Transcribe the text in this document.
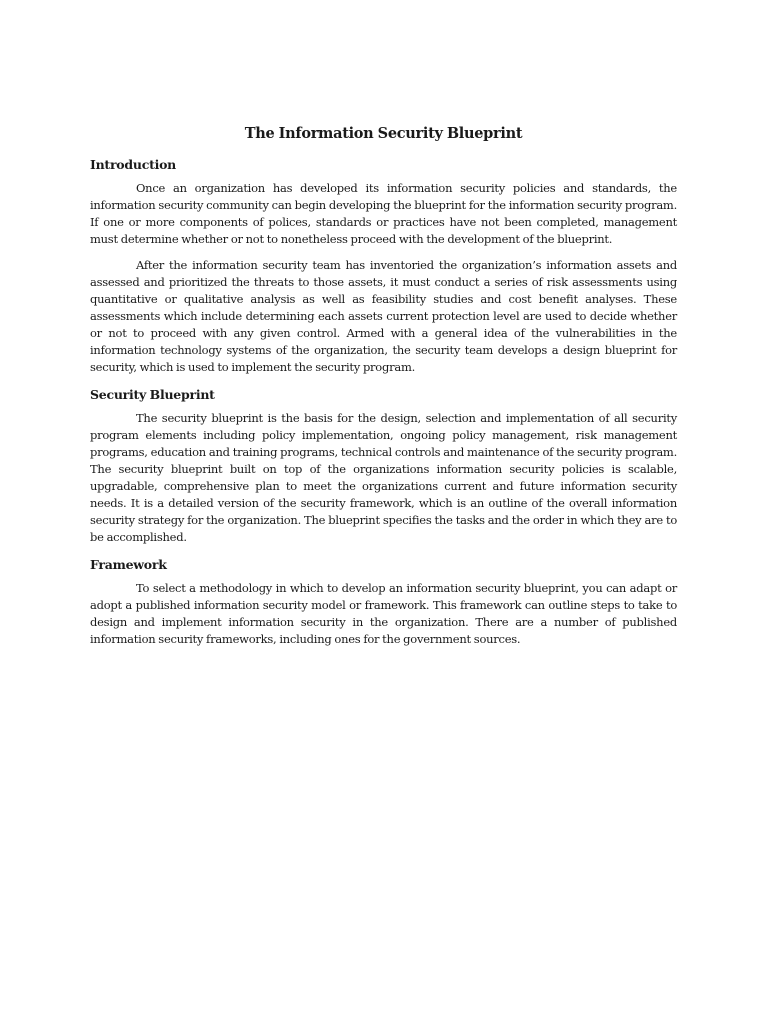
The Information Security Blueprint
Introduction

Once an organization has developed its information security policies and standards, the information security community can begin developing the blueprint for the information security program. If one or more components of polices, standards or practices have not been completed, management must determine whether or not to nonetheless proceed with the development of the blueprint.

After the information security team has inventoried the organization’s information assets and assessed and prioritized the threats to those assets, it must conduct a series of risk assessments using quantitative or qualitative analysis as well as feasibility studies and cost benefit analyses. These assessments which include determining each assets current protection level are used to decide whether or not to proceed with any given control. Armed with a general idea of the vulnerabilities in the information technology systems of the organization, the security team develops a design blueprint for security, which is used to implement the security program.

Security Blueprint

The security blueprint is the basis for the design, selection and implementation of all security program elements including policy implementation, ongoing policy management, risk management programs, education and training programs, technical controls and maintenance of the security program. The security blueprint built on top of the organizations information security policies is scalable, upgradable, comprehensive plan to meet the organizations current and future information security needs. It is a detailed version of the security framework, which is an outline of the overall information security strategy for the organization. The blueprint specifies the tasks and the order in which they are to be accomplished.

Framework

To select a methodology in which to develop an information security blueprint, you can adapt or adopt a published information security model or framework. This framework can outline steps to take to design and implement information security in the organization. There are a number of published information security frameworks, including ones for the government sources.
